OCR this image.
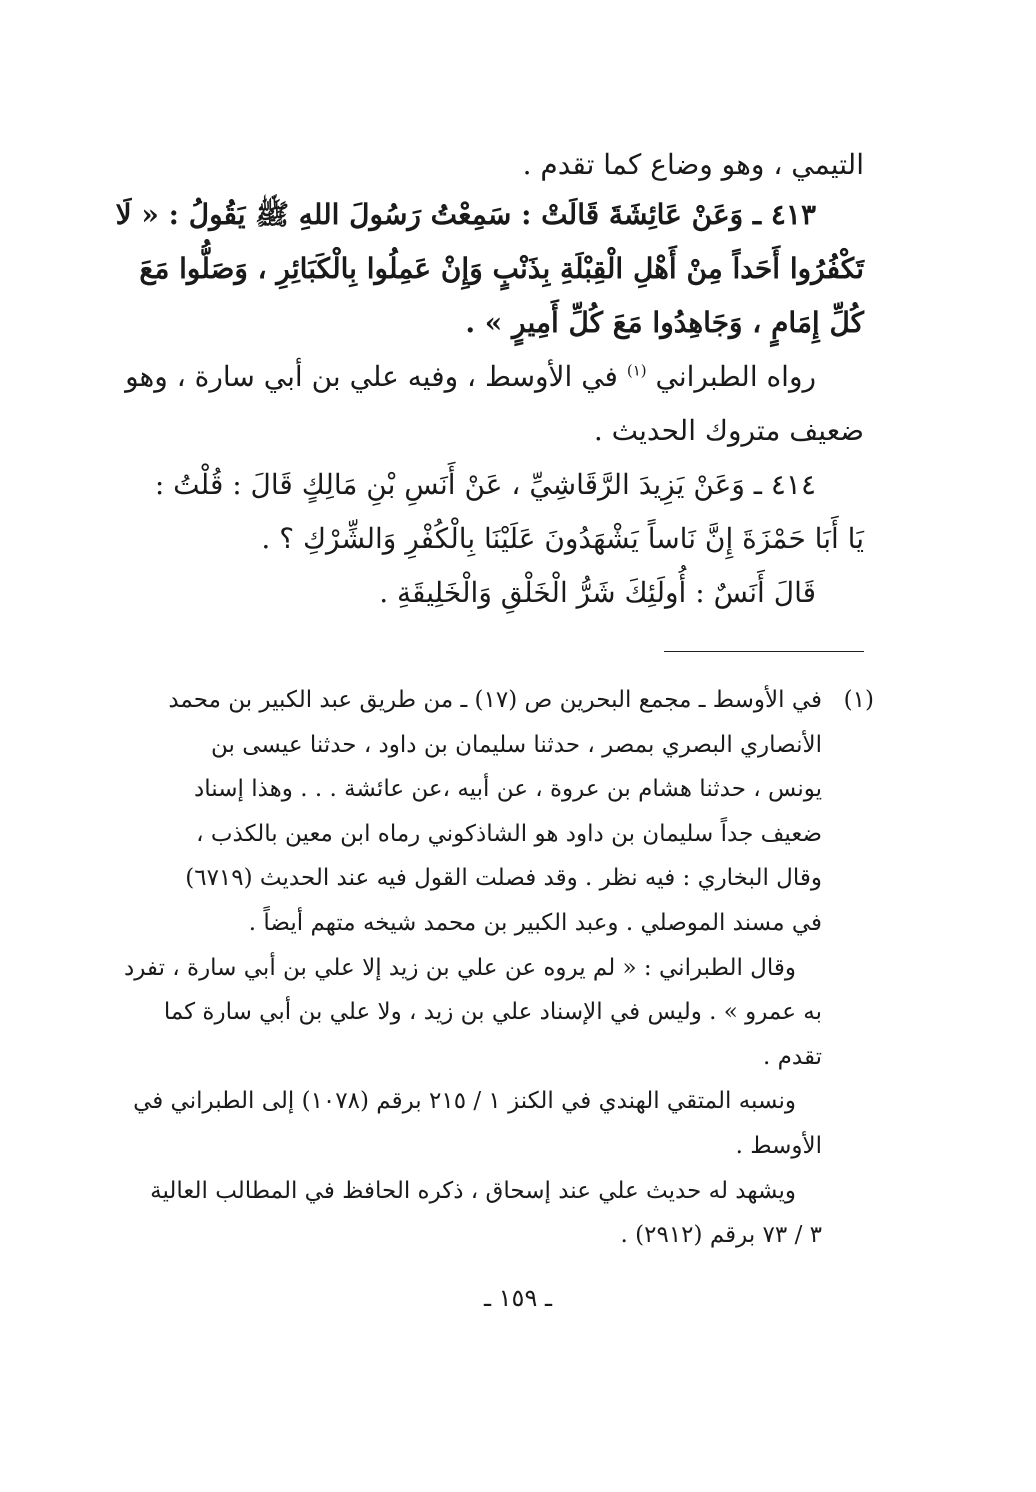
التيمي ، وهو وضاع كما تقدم .
٤١٣ ـ وَعَنْ عَائِشَةَ قَالَتْ : سَمِعْتُ رَسُولَ اللهِ ﷺ يَقُولُ : « لَا
تَكْفُرُوا أَحَداً مِنْ أَهْلِ الْقِبْلَةِ بِذَنْبٍ وَإِنْ عَمِلُوا بِالْكَبَائِرِ ، وَصَلُّوا مَعَ
كُلِّ إِمَامٍ ، وَجَاهِدُوا مَعَ كُلِّ أَمِيرٍ » .
رواه الطبراني $^{(١)}$ في الأوسط ، وفيه علي بن أبي سارة ، وهو
ضعيف متروك الحديث .
٤١٤ ـ وَعَنْ يَزِيدَ الرَّقَاشِيِّ ، عَنْ أَنَسِ بْنِ مَالِكٍ قَالَ : قُلْتُ :
يَا أَبَا حَمْزَةَ إِنَّ نَاساً يَشْهَدُونَ عَلَيْنَا بِالْكُفْرِ وَالشِّرْكِ ؟ .
قَالَ أَنَسٌ : أُولَئِكَ شَرُّ الْخَلْقِ وَالْخَلِيقَةِ .
(١)
في الأوسط ـ مجمع البحرين ص (١٧) ـ من طريق عبد الكبير بن محمد
الأنصاري البصري بمصر ، حدثنا سليمان بن داود ، حدثنا عيسى بن
يونس ، حدثنا هشام بن عروة ، عن أبيه ،عن عائشة . . . وهذا إسناد
ضعيف جداً سليمان بن داود هو الشاذكوني رماه ابن معين بالكذب ،
وقال البخاري : فيه نظر . وقد فصلت القول فيه عند الحديث (٦٧١٩)
في مسند الموصلي . وعبد الكبير بن محمد شيخه متهم أيضاً .
وقال الطبراني : « لم يروه عن علي بن زيد إلا علي بن أبي سارة ، تفرد
به عمرو » . وليس في الإسناد علي بن زيد ، ولا علي بن أبي سارة كما
تقدم .
ونسبه المتقي الهندي في الكنز ١ / ٢١٥ برقم (١٠٧٨) إلى الطبراني في
الأوسط .
ويشهد له حديث علي عند إسحاق ، ذكره الحافظ في المطالب العالية
٣ / ٧٣ برقم (٢٩١٢) .
ـ ١٥٩ ـ
